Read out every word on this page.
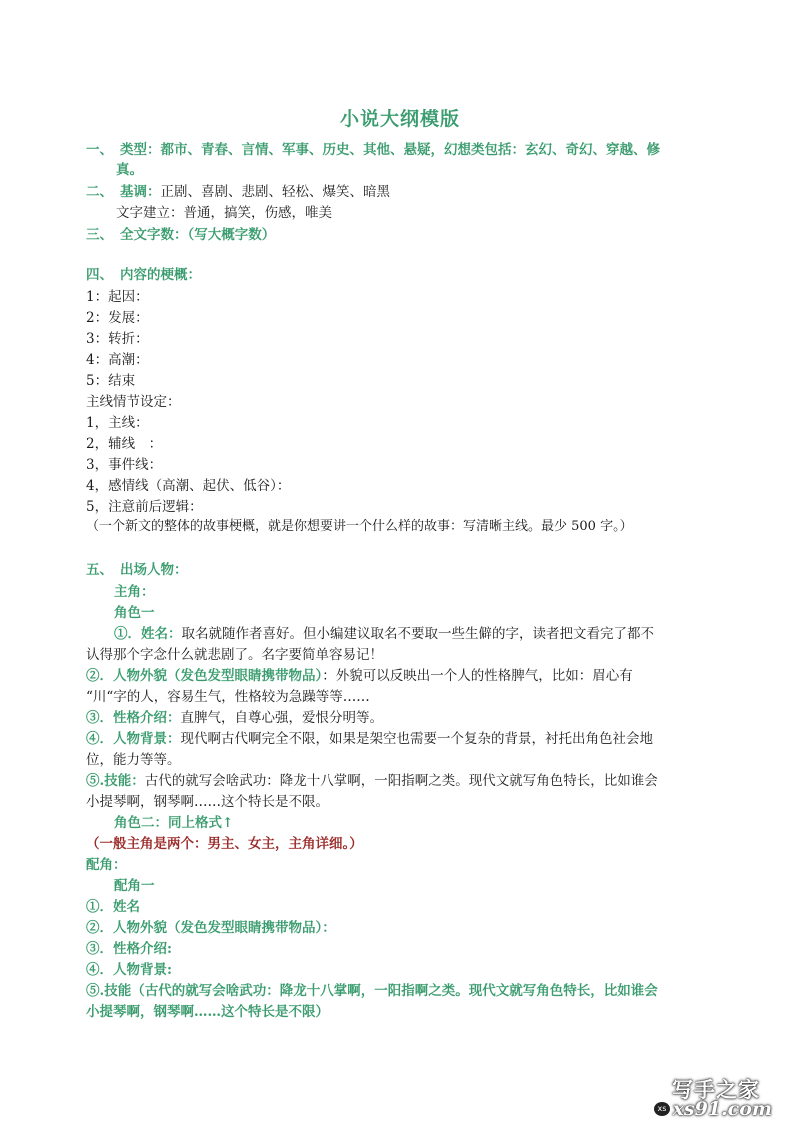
小说大纲模版
一、 类型：都市、青春、言情、军事、历史、其他、悬疑，幻想类包括：玄幻、奇幻、穿越、修
真。
二、 基调：正剧、喜剧、悲剧、轻松、爆笑、暗黑
文字建立：普通，搞笑，伤感，唯美
三、 全文字数：（写大概字数）
四、 内容的梗概：
1：起因：
2：发展：
3：转折：
4：高潮：
5：结束
主线情节设定：
1，主线：
2，辅线　：
3，事件线：
4，感情线（高潮、起伏、低谷）：
5，注意前后逻辑：
（一个新文的整体的故事梗概，就是你想要讲一个什么样的故事：写清晰主线。最少 500 字。）
五、 出场人物：
主角：
角色一
①．姓名：取名就随作者喜好。但小编建议取名不要取一些生僻的字，读者把文看完了都不
认得那个字念什么就悲剧了。名字要简单容易记！
②．人物外貌（发色发型眼睛携带物品）：外貌可以反映出一个人的性格脾气，比如：眉心有
“川“字的人，容易生气，性格较为急躁等等……
③．性格介绍：直脾气，自尊心强，爱恨分明等。
④．人物背景：现代啊古代啊完全不限，如果是架空也需要一个复杂的背景，衬托出角色社会地
位，能力等等。
⑤.技能：古代的就写会啥武功：降龙十八掌啊，一阳指啊之类。现代文就写角色特长，比如谁会
小提琴啊，钢琴啊……这个特长是不限。
角色二：同上格式↑
（一般主角是两个：男主、女主，主角详细。）
配角：
配角一
①．姓名
②．人物外貌（发色发型眼睛携带物品）：
③．性格介绍:
④．人物背景:
⑤.技能（古代的就写会啥武功：降龙十八掌啊，一阳指啊之类。现代文就写角色特长，比如谁会
小提琴啊，钢琴啊……这个特长是不限）
写手之家
xs xs91.com
